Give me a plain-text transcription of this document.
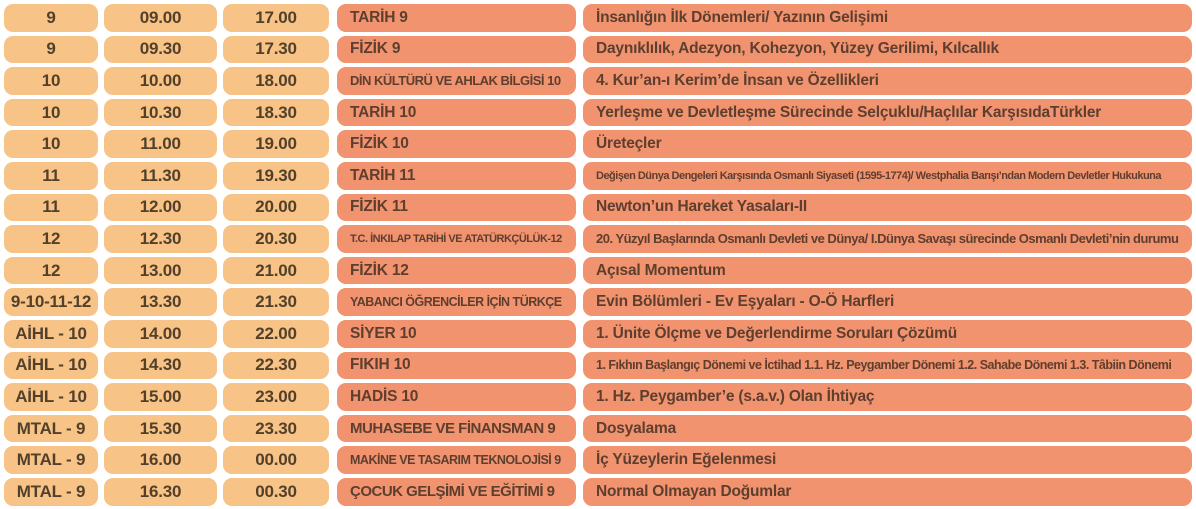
9	09.00	17.00	TARİH 9	İnsanlığın İlk Dönemleri/ Yazının Gelişimi
9	09.30	17.30	FİZİK 9	Daynıklılık, Adezyon, Kohezyon, Yüzey Gerilimi, Kılcallık
10	10.00	18.00	DİN KÜLTÜRÜ VE AHLAK BİLGİSİ 10	4. Kur’an-ı Kerim’de İnsan ve Özellikleri
10	10.30	18.30	TARİH 10	Yerleşme ve Devletleşme Sürecinde Selçuklu/Haçlılar KarşısıdaTürkler
10	11.00	19.00	FİZİK 10	Üreteçler
11	11.30	19.30	TARİH 11	Değişen Dünya Dengeleri Karşısında Osmanlı Siyaseti (1595-1774)/ Westphalia Barışı’ndan Modern Devletler Hukukuna
11	12.00	20.00	FİZİK 11	Newton’un Hareket Yasaları-II
12	12.30	20.30	T.C. İNKILAP TARİHİ VE ATATÜRKÇÜLÜK-12	20. Yüzyıl Başlarında Osmanlı Devleti ve Dünya/ I.Dünya Savaşı sürecinde Osmanlı Devleti’nin durumu
12	13.00	21.00	FİZİK 12	Açısal Momentum
9-10-11-12	13.30	21.30	YABANCI ÖĞRENCİLER İÇİN TÜRKÇE	Evin Bölümleri - Ev Eşyaları - O-Ö Harfleri
AİHL - 10	14.00	22.00	SİYER 10	1. Ünite Ölçme ve Değerlendirme Soruları Çözümü
AİHL - 10	14.30	22.30	FIKIH 10	1. Fıkhın Başlangıç Dönemi ve İctihad 1.1. Hz. Peygamber Dönemi 1.2. Sahabe Dönemi 1.3. Tâbiin Dönemi
AİHL - 10	15.00	23.00	HADİS 10	1. Hz. Peygamber’e (s.a.v.) Olan İhtiyaç
MTAL - 9	15.30	23.30	MUHASEBE VE FİNANSMAN 9	Dosyalama
MTAL - 9	16.00	00.00	MAKİNE VE TASARIM TEKNOLOJİSİ 9	İç Yüzeylerin Eğelenmesi
MTAL - 9	16.30	00.30	ÇOCUK GELŞİMİ VE EĞİTİMİ 9	Normal Olmayan Doğumlar
